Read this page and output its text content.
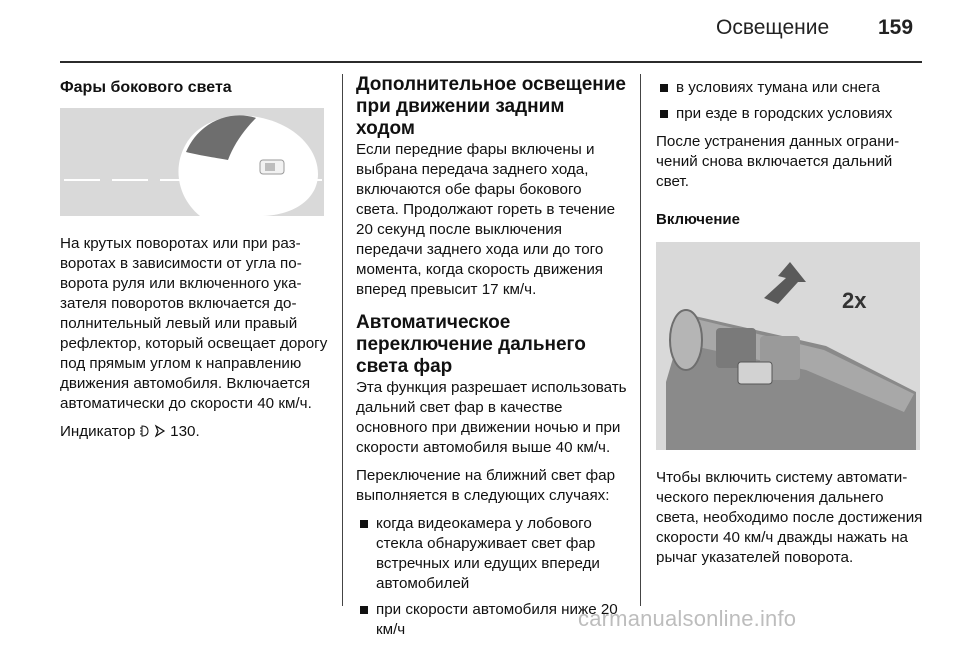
Освещение 159
Фары бокового света

На крутых поворотах или при разворотах в зависимости от угла поворота руля или включенного указателя поворотов включается дополнительный левый или правый рефлектор, который освещает дорогу под прямым углом к направлению движения автомобиля. Включается автоматически до скорости 40 км/ч.

Индикатор 130.

Дополнительное освещение при движении задним ходом

Если передние фары включены и выбрана передача заднего хода, включаются обе фары бокового света. Продолжают гореть в течение 20 секунд после выключения передачи заднего хода или до того момента, когда скорость движения вперед превысит 17 км/ч.

Автоматическое переключение дальнего света фар

Эта функция разрешает использовать дальний свет фар в качестве основного при движении ночью и при скорости автомобиля выше 40 км/ч.

Переключение на ближний свет фар выполняется в следующих случаях:

когда видеокамера у лобового стекла обнаруживает свет фар встречных или едущих впереди автомобилей
при скорости автомобиля ниже 20 км/ч
в условиях тумана или снега
при езде в городских условиях

После устранения данных ограничений снова включается дальний свет.

Включение
2x

Чтобы включить систему автоматического переключения дальнего света, необходимо после достижения скорости 40 км/ч дважды нажать на рычаг указателей поворота.

carmanualsonline.info
